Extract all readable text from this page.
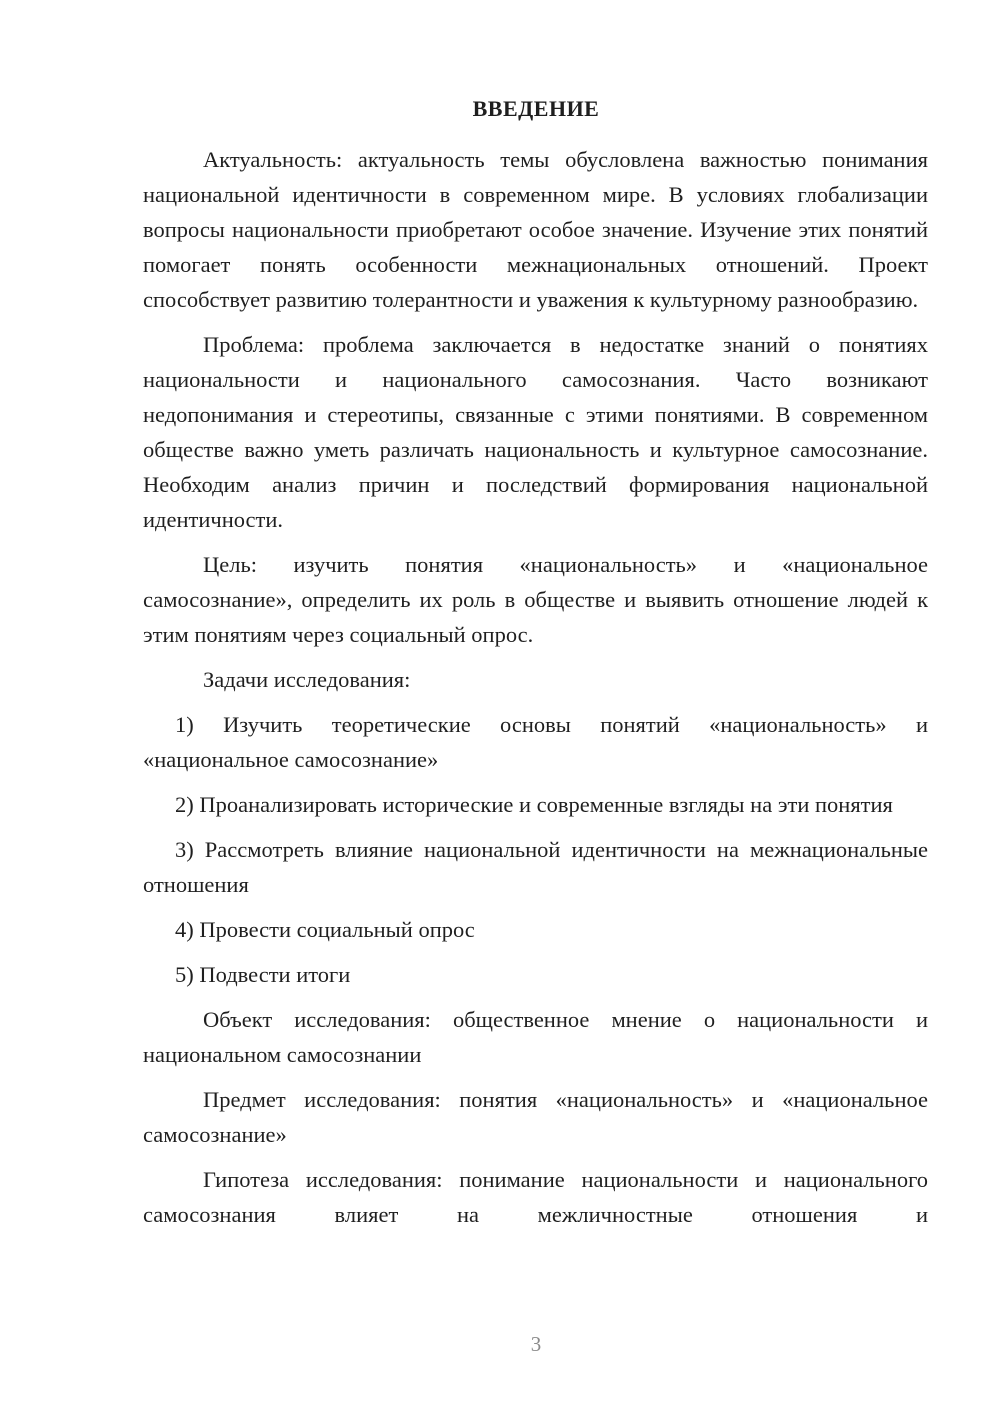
ВВЕДЕНИЕ

Актуальность: актуальность темы обусловлена важностью понимания национальной идентичности в современном мире. В условиях глобализации вопросы национальности приобретают особое значение. Изучение этих понятий помогает понять особенности межнациональных отношений. Проект способствует развитию толерантности и уважения к культурному разнообразию.

Проблема: проблема заключается в недостатке знаний о понятиях национальности и национального самосознания. Часто возникают недопонимания и стереотипы, связанные с этими понятиями. В современном обществе важно уметь различать национальность и культурное самосознание. Необходим анализ причин и последствий формирования национальной идентичности.

Цель: изучить понятия «национальность» и «национальное самосознание», определить их роль в обществе и выявить отношение людей к этим понятиям через социальный опрос.

Задачи исследования:

1) Изучить теоретические основы понятий «национальность» и «национальное самосознание»

2) Проанализировать исторические и современные взгляды на эти понятия

3) Рассмотреть влияние национальной идентичности на межнациональные отношения

4) Провести социальный опрос

5) Подвести итоги

Объект исследования: общественное мнение о национальности и национальном самосознании

Предмет исследования: понятия «национальность» и «национальное самосознание»

Гипотеза исследования: понимание национальности и национального самосознания влияет на межличностные отношения и

3
